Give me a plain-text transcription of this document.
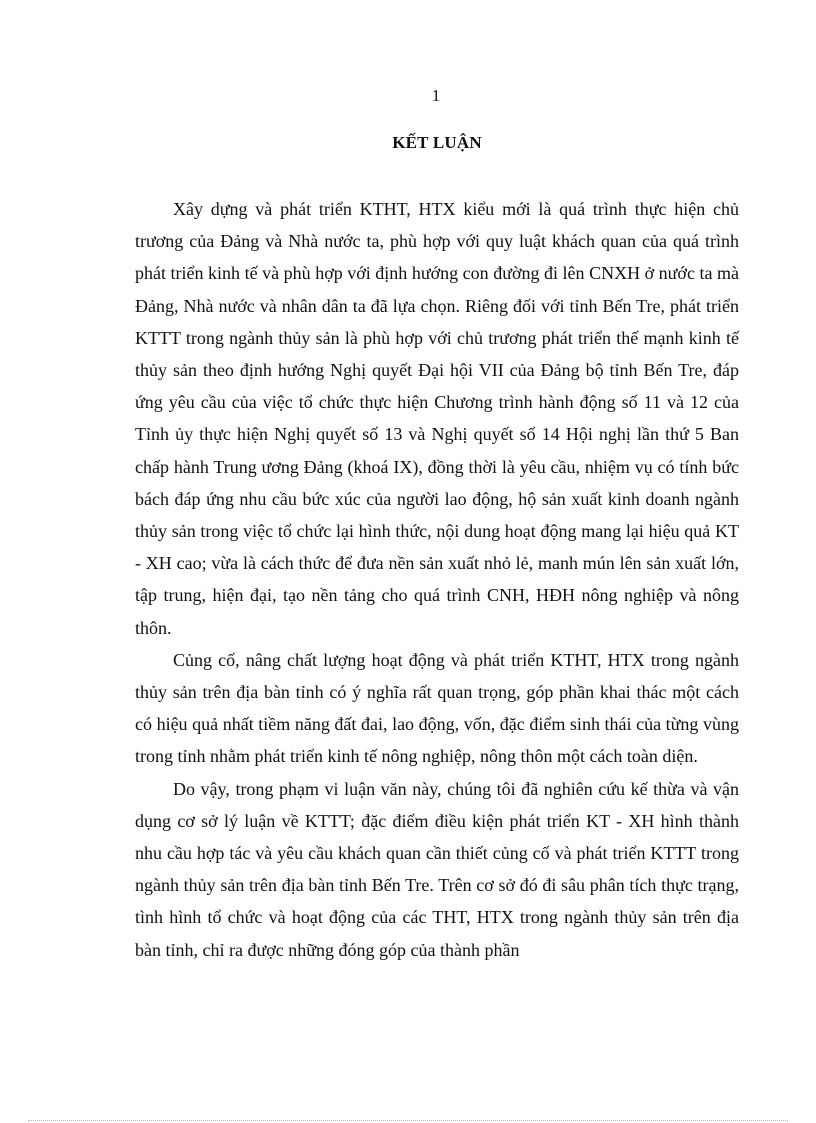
1
KẾT LUẬN

Xây dựng và phát triển KTHT, HTX kiểu mới là quá trình thực hiện chủ trương của Đảng và Nhà nước ta, phù hợp với quy luật khách quan của quá trình phát triển kinh tế và phù hợp với định hướng con đường đi lên CNXH ở nước ta mà Đảng, Nhà nước và nhân dân ta đã lựa chọn. Riêng đối với tỉnh Bến Tre, phát triển KTTT trong ngành thủy sản là phù hợp với chủ trương phát triển thế mạnh kinh tế thủy sản theo định hướng Nghị quyết Đại hội VII của Đảng bộ tỉnh Bến Tre, đáp ứng yêu cầu của việc tổ chức thực hiện Chương trình hành động số 11 và 12 của Tỉnh ủy thực hiện Nghị quyết số 13 và Nghị quyết số 14 Hội nghị lần thứ 5 Ban chấp hành Trung ương Đảng (khoá IX), đồng thời là yêu cầu, nhiệm vụ có tính bức bách đáp ứng nhu cầu bức xúc của người lao động, hộ sản xuất kinh doanh ngành thủy sản trong việc tổ chức lại hình thức, nội dung hoạt động mang lại hiệu quả KT - XH cao; vừa là cách thức để đưa nền sản xuất nhỏ lẻ, manh mún lên sản xuất lớn, tập trung, hiện đại, tạo nền tảng cho quá trình CNH, HĐH nông nghiệp và nông thôn.

Củng cố, nâng chất lượng hoạt động và phát triển KTHT, HTX trong ngành thủy sản trên địa bàn tỉnh có ý nghĩa rất quan trọng, góp phần khai thác một cách có hiệu quả nhất tiềm năng đất đai, lao động, vốn, đặc điểm sinh thái của từng vùng trong tỉnh nhằm phát triển kinh tế nông nghiệp, nông thôn một cách toàn diện.

Do vậy, trong phạm vi luận văn này, chúng tôi đã nghiên cứu kế thừa và vận dụng cơ sở lý luận về KTTT; đặc điểm điều kiện phát triển KT - XH hình thành nhu cầu hợp tác và yêu cầu khách quan cần thiết củng cố và phát triển KTTT trong ngành thủy sản trên địa bàn tỉnh Bến Tre. Trên cơ sở đó đi sâu phân tích thực trạng, tình hình tổ chức và hoạt động của các THT, HTX trong ngành thủy sản trên địa bàn tỉnh, chỉ ra được những đóng góp của thành phần
